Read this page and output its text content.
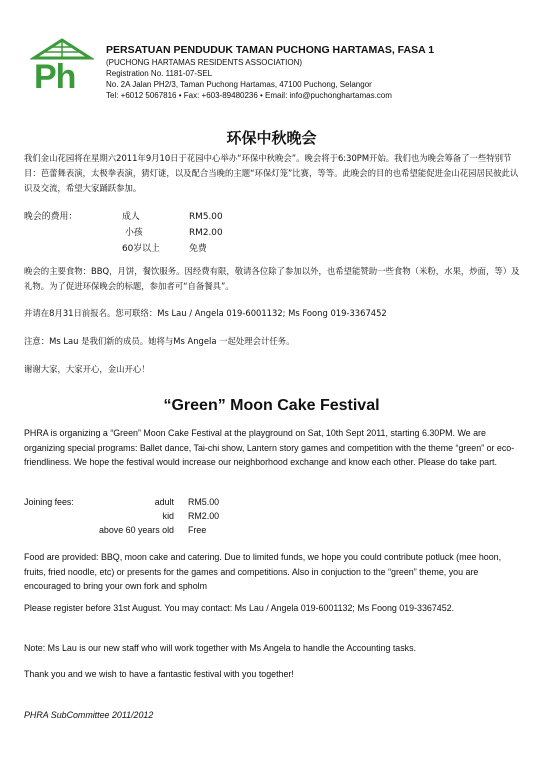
Ph
PERSATUAN PENDUDUK TAMAN PUCHONG HARTAMAS, FASA 1
(PUCHONG HARTAMAS RESIDENTS ASSOCIATION)
Registration No. 1181-07-SEL
No. 2A Jalan PH2/3, Taman Puchong Hartamas, 47100 Puchong, Selangor
Tel: +6012 5067816 • Fax: +603-89480236 • Email: info@puchonghartamas.com
环保中秋晚会

我们金山花园将在星期六2011年9月10日于花园中心举办“环保中秋晚会”。晚会将于6:30PM开始。我们也为晚会筹备了一些特别节目：芭蕾舞表演，太极拳表演，猜灯谜，以及配合当晚的主题“环保灯笼”比赛，等等。此晚会的目的也希望能促进金山花园居民彼此认识及交流，希望大家踊跃参加。

晚会的费用：	成人	RM5.00
小孩	RM2.00
60岁以上	免费

晚会的主要食物：BBQ，月饼，餐饮服务。因经费有限，敬请各位除了参加以外，也希望能赞助一些食物（米粉，水果，炒面，等）及礼物。为了促进环保晚会的标题，参加者可“自备餐具”。

并请在8月31日前报名。您可联络：Ms Lau / Angela 019-6001132; Ms Foong 019-3367452

注意：Ms Lau 是我们新的成员。她将与Ms Angela 一起处理会计任务。

谢谢大家，大家开心，金山开心！

“Green” Moon Cake Festival

PHRA is organizing a “Green” Moon Cake Festival at the playground on Sat, 10th Sept 2011, starting 6.30PM. We are organizing special programs: Ballet dance, Tai-chi show, Lantern story games and competition with the theme “green” or eco-friendliness. We hope the festival would increase our neighborhood exchange and know each other. Please do take part.

Joining fees:	adult RM5.00
kid RM2.00
above 60 years old Free

Food are provided: BBQ, moon cake and catering. Due to limited funds, we hope you could contribute potluck (mee hoon, fruits, fried noodle, etc) or presents for the games and competitions. Also in conjuction to the “green” theme, you are encouraged to bring your own fork and spholm

Please register before 31st August. You may contact: Ms Lau / Angela 019-6001132; Ms Foong 019-3367452.

Note: Ms Lau is our new staff who will work together with Ms Angela to handle the Accounting tasks.

Thank you and we wish to have a fantastic festival with you together!

PHRA SubCommittee 2011/2012
